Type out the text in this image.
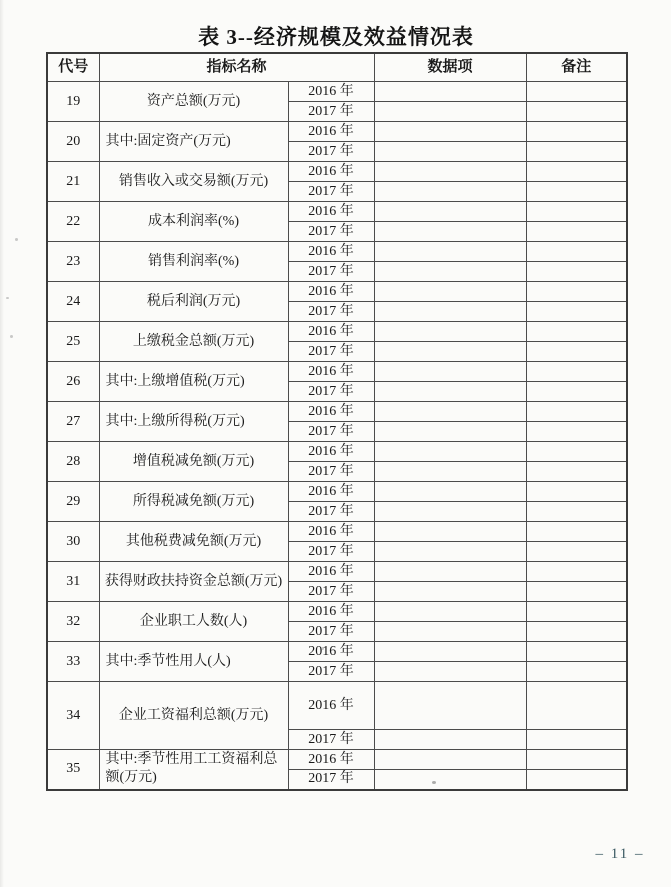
表 3--经济规模及效益情况表
代号	指标名称		数据项	备注
19	资产总额(万元)	2016 年		
		2017 年		
20	其中:固定资产(万元)	2016 年		
		2017 年		
21	销售收入或交易额(万元)	2016 年		
		2017 年		
22	成本利润率(%)	2016 年		
		2017 年		
23	销售利润率(%)	2016 年		
		2017 年		
24	税后利润(万元)	2016 年		
		2017 年		
25	上缴税金总额(万元)	2016 年		
		2017 年		
26	其中:上缴增值税(万元)	2016 年		
		2017 年		
27	其中:上缴所得税(万元)	2016 年		
		2017 年		
28	增值税减免额(万元)	2016 年		
		2017 年		
29	所得税减免额(万元)	2016 年		
		2017 年		
30	其他税费减免额(万元)	2016 年		
		2017 年		
31	获得财政扶持资金总额(万元)	2016 年		
		2017 年		
32	企业职工人数(人)	2016 年		
		2017 年		
33	其中:季节性用人(人)	2016 年		
		2017 年		
34	企业工资福利总额(万元)	2016 年		
		2017 年		
35	其中:季节性用工工资福利总额(万元)	2016 年		
		2017 年		
– 11 –
